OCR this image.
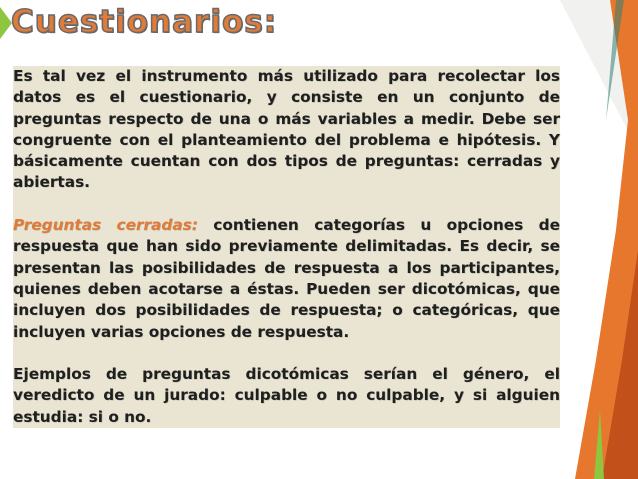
Cuestionarios:

Es tal vez el instrumento más utilizado para recolectar los datos es el cuestionario, y consiste en un conjunto de preguntas respecto de una o más variables a medir. Debe ser congruente con el planteamiento del problema e hipótesis. Y básicamente cuentan con dos tipos de preguntas: cerradas y abiertas.

Preguntas cerradas: contienen categorías u opciones de respuesta que han sido previamente delimitadas. Es decir, se presentan las posibilidades de respuesta a los participantes, quienes deben acotarse a éstas. Pueden ser dicotómicas, que incluyen dos posibilidades de respuesta; o categóricas, que incluyen varias opciones de respuesta.

Ejemplos de preguntas dicotómicas serían el género, el veredicto de un jurado: culpable o no culpable, y si alguien estudia: si o no.
